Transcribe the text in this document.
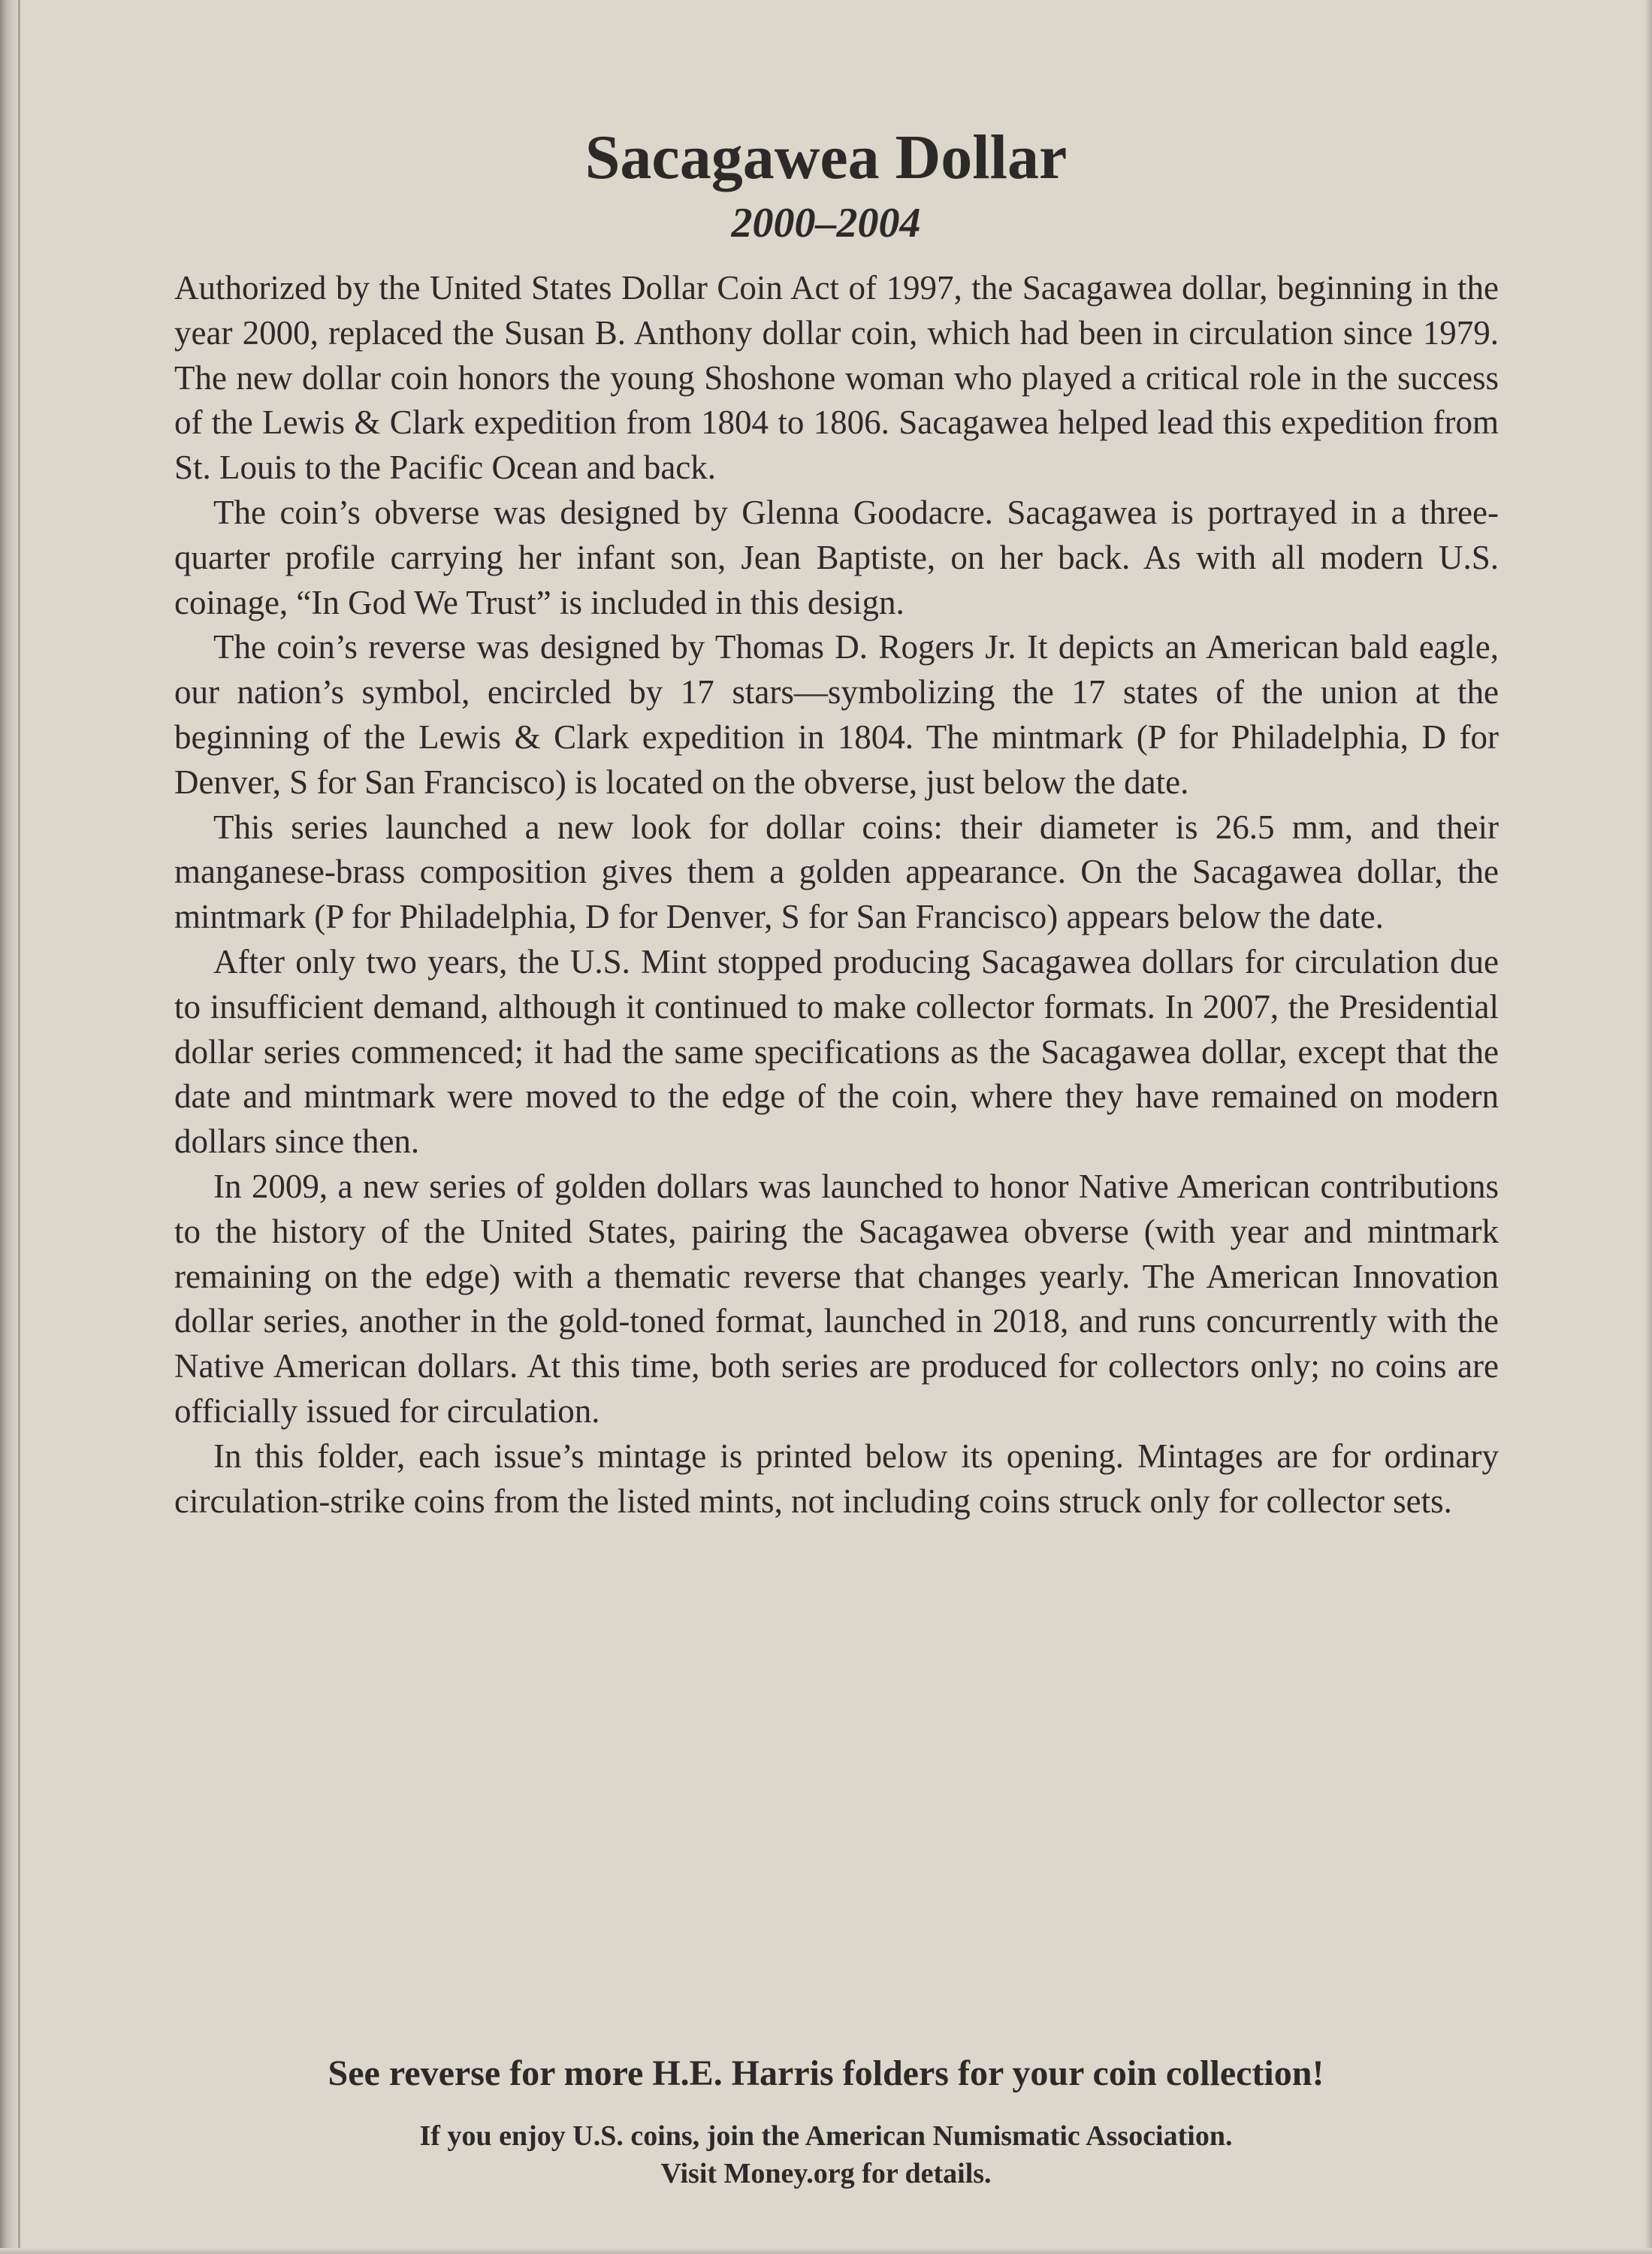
Sacagawea Dollar
2000–2004

Authorized by the United States Dollar Coin Act of 1997, the Sacagawea dollar, beginning in the year 2000, replaced the Susan B. Anthony dollar coin, which had been in circulation since 1979. The new dollar coin honors the young Shoshone woman who played a critical role in the success of the Lewis & Clark expedition from 1804 to 1806. Sacagawea helped lead this expedition from St. Louis to the Pacific Ocean and back.

The coin’s obverse was designed by Glenna Goodacre. Sacagawea is portrayed in a three-quarter profile carrying her infant son, Jean Baptiste, on her back. As with all modern U.S. coinage, “In God We Trust” is included in this design.

The coin’s reverse was designed by Thomas D. Rogers Jr. It depicts an American bald eagle, our nation’s symbol, encircled by 17 stars—symbolizing the 17 states of the union at the beginning of the Lewis & Clark expedition in 1804. The mintmark (P for Philadelphia, D for Denver, S for San Francisco) is located on the obverse, just below the date.

This series launched a new look for dollar coins: their diameter is 26.5 mm, and their manganese-brass composition gives them a golden appearance. On the Sacagawea dollar, the mintmark (P for Philadelphia, D for Denver, S for San Francisco) appears below the date.

After only two years, the U.S. Mint stopped producing Sacagawea dollars for circulation due to insufficient demand, although it continued to make collector formats. In 2007, the Presidential dollar series commenced; it had the same specifications as the Sacagawea dollar, except that the date and mintmark were moved to the edge of the coin, where they have remained on modern dollars since then.

In 2009, a new series of golden dollars was launched to honor Native American contributions to the history of the United States, pairing the Sacagawea obverse (with year and mintmark remaining on the edge) with a thematic reverse that changes yearly. The American Innovation dollar series, another in the gold-toned format, launched in 2018, and runs concurrently with the Native American dollars. At this time, both series are produced for collectors only; no coins are officially issued for circulation.

In this folder, each issue’s mintage is printed below its opening. Mintages are for ordinary circulation-strike coins from the listed mints, not including coins struck only for collector sets.

See reverse for more H.E. Harris folders for your coin collection!
If you enjoy U.S. coins, join the American Numismatic Association.
Visit Money.org for details.
